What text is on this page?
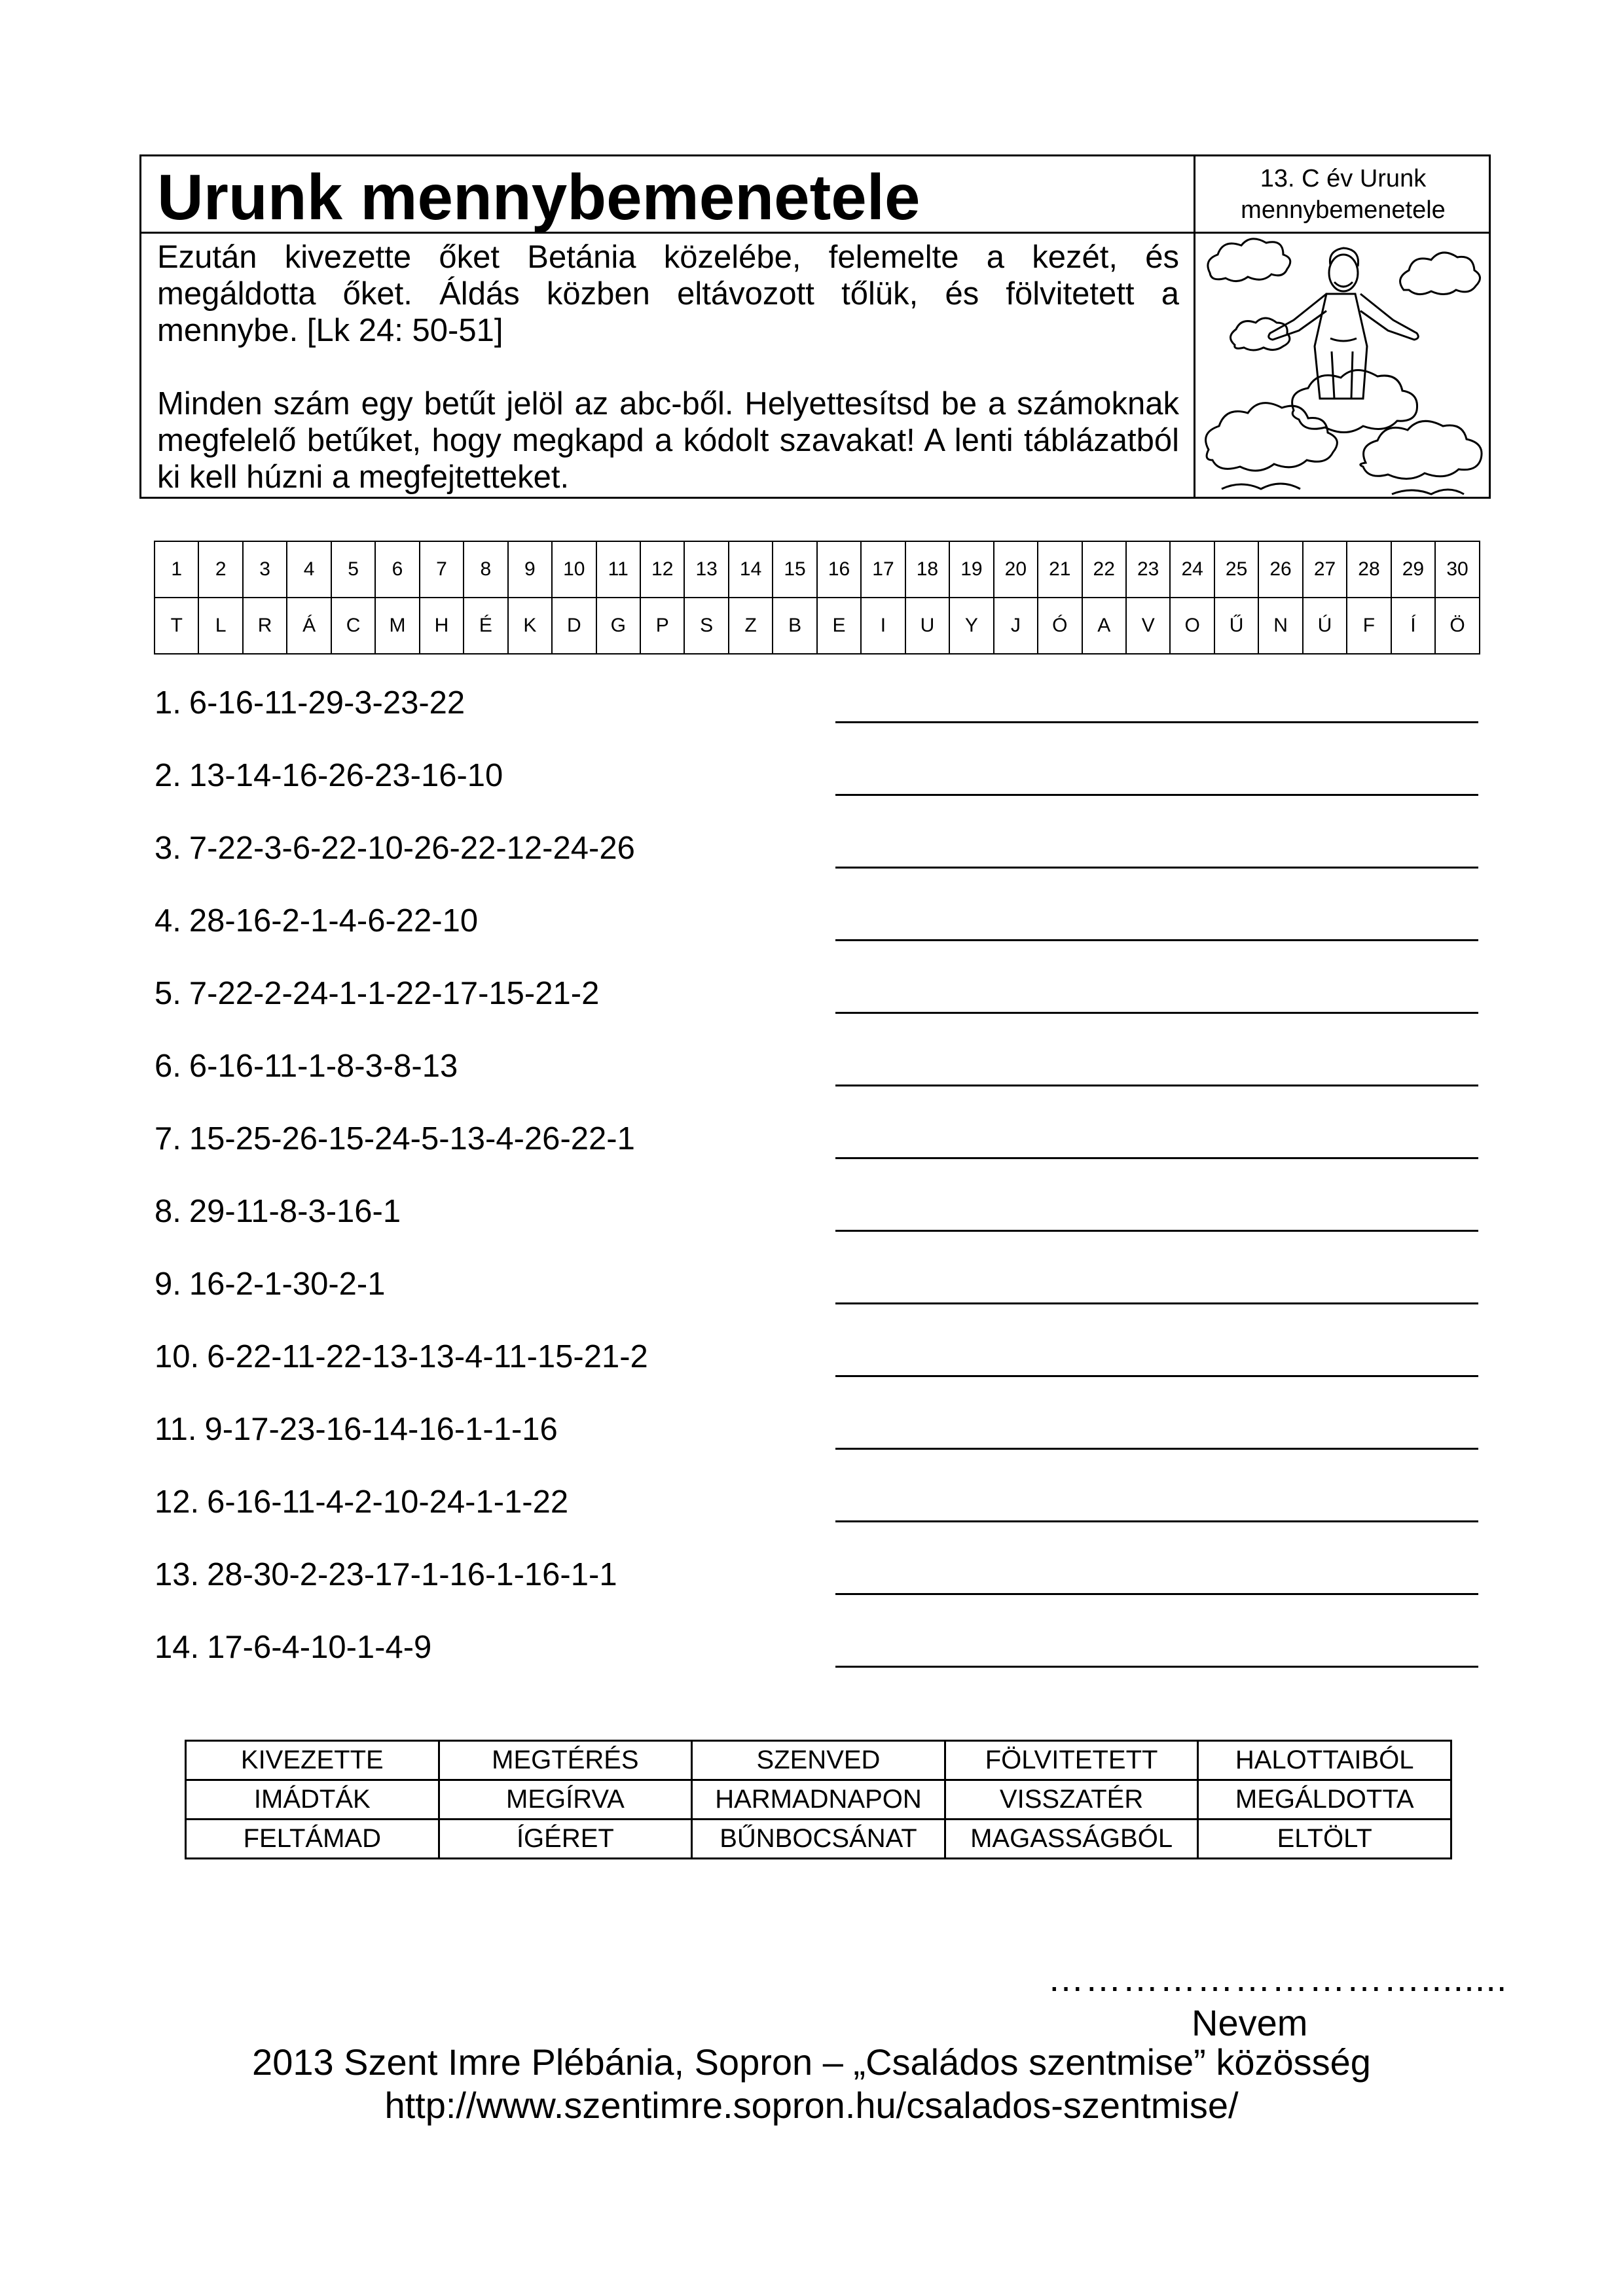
Urunk mennybemenetele	13. C év Urunk
mennybemenetele

Ezután kivezette őket Betánia közelébe, felemelte a kezét, és megáldotta őket. Áldás közben eltávozott tőlük, és fölvitetett a mennybe. [Lk 24: 50-51]

Minden szám egy betűt jelöl az abc-ből. Helyettesítsd be a számoknak megfelelő betűket, hogy megkapd a kódolt szavakat! A lenti táblázatból ki kell húzni a megfejtetteket.

1	2	3	4	5	6	7	8	9	10	11	12	13	14	15	16	17	18	19	20	21	22	23	24	25	26	27	28	29	30
T	L	R	Á	C	M	H	É	K	D	G	P	S	Z	B	E	I	U	Y	J	Ó	A	V	O	Ű	N	Ú	F	Í	Ö
1. 6-16-11-29-3-23-22
2. 13-14-16-26-23-16-10
3. 7-22-3-6-22-10-26-22-12-24-26
4. 28-16-2-1-4-6-22-10
5. 7-22-2-24-1-1-22-17-15-21-2
6. 6-16-11-1-8-3-8-13
7. 15-25-26-15-24-5-13-4-26-22-1
8. 29-11-8-3-16-1
9. 16-2-1-30-2-1
10. 6-22-11-22-13-13-4-11-15-21-2
11. 9-17-23-16-14-16-1-1-16
12. 6-16-11-4-2-10-24-1-1-22
13. 28-30-2-23-17-1-16-1-16-1-1
14. 17-6-4-10-1-4-9
KIVEZETTE	MEGTÉRÉS	SZENVED	FÖLVITETETT	HALOTTAIBÓL
IMÁDTÁK	MEGÍRVA	HARMADNAPON	VISSZATÉR	MEGÁLDOTTA
FELTÁMAD	ÍGÉRET	BŰNBOCSÁNAT	MAGASSÁGBÓL	ELTÖLT
…………………………........
Nevem
2013 Szent Imre Plébánia, Sopron – „Családos szentmise” közösség
http://www.szentimre.sopron.hu/csalados-szentmise/
